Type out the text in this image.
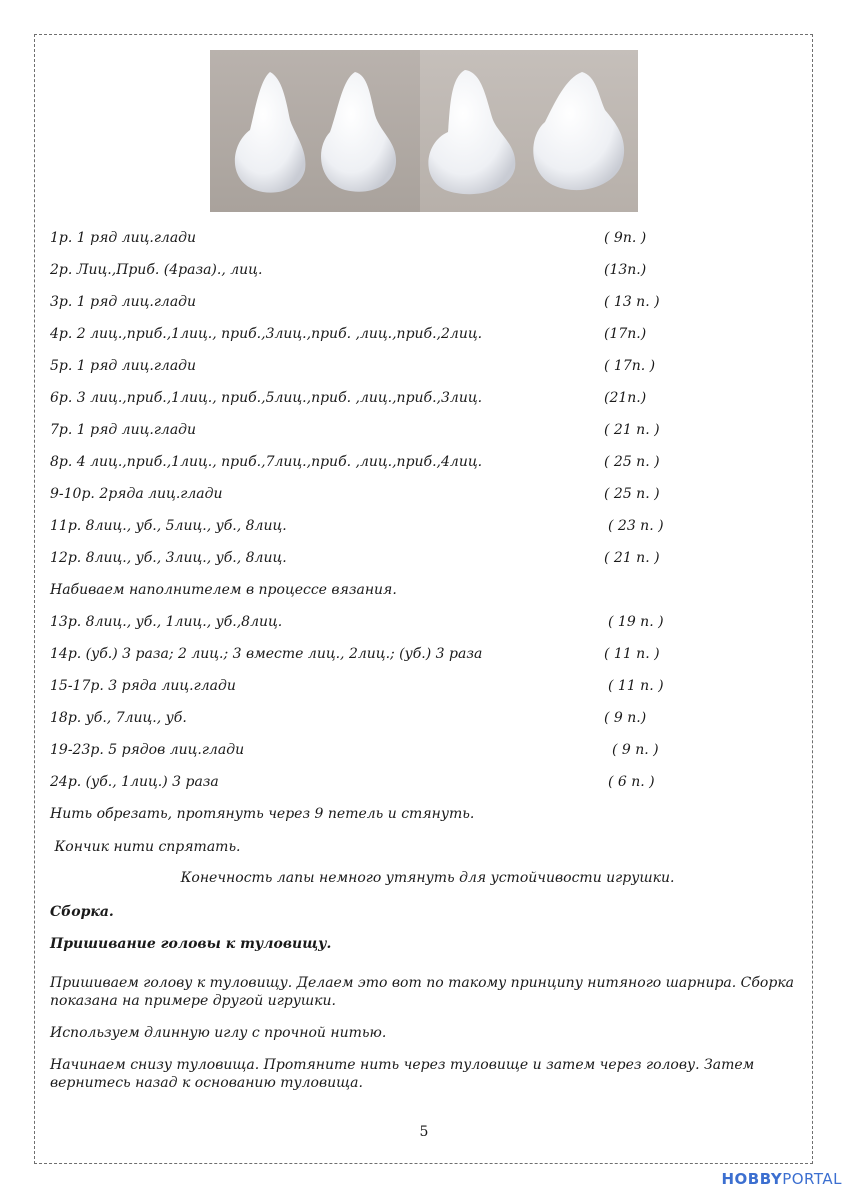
1р. 1 ряд лиц.глади	( 9п. )
2р. Лиц.,Приб. (4раза)., лиц.	(13п.)
3р. 1 ряд лиц.глади	( 13 п. )
4р. 2 лиц.,приб.,1лиц., приб.,3лиц.,приб. ,лиц.,приб.,2лиц.	(17п.)
5р. 1 ряд лиц.глади	( 17п. )
6р. 3 лиц.,приб.,1лиц., приб.,5лиц.,приб. ,лиц.,приб.,3лиц.	(21п.)
7р. 1 ряд лиц.глади	( 21 п. )
8р. 4 лиц.,приб.,1лиц., приб.,7лиц.,приб. ,лиц.,приб.,4лиц.	( 25 п. )
9-10р. 2ряда лиц.глади	( 25 п. )
11р. 8лиц., уб., 5лиц., уб., 8лиц.	( 23 п. )
12р. 8лиц., уб., 3лиц., уб., 8лиц.	( 21 п. )
Набиваем наполнителем в процессе вязания.
13р. 8лиц., уб., 1лиц., уб.,8лиц.	( 19 п. )
14р. (уб.) 3 раза; 2 лиц.; 3 вместе лиц., 2лиц.; (уб.) 3 раза	( 11 п. )
15-17р. 3 ряда лиц.глади	( 11 п. )
18р. уб., 7лиц., уб.	( 9 п.)
19-23р. 5 рядов лиц.глади	( 9 п. )
24р. (уб., 1лиц.) 3 раза	( 6 п. )
Нить обрезать, протянуть через 9 петель и стянуть.
Кончик нити спрятать.
Конечность лапы немного утянуть для устойчивости игрушки.
Сборка.
Пришивание головы к туловищу.
Пришиваем голову к туловищу. Делаем это вот по такому принципу нитяного шарнира. Сборка показана на примере другой игрушки.
Используем длинную иглу с прочной нитью.
Начинаем снизу туловища. Протяните нить через туловище и затем через голову. Затем вернитесь назад к основанию туловища.
5
HOBBYPORTAL
